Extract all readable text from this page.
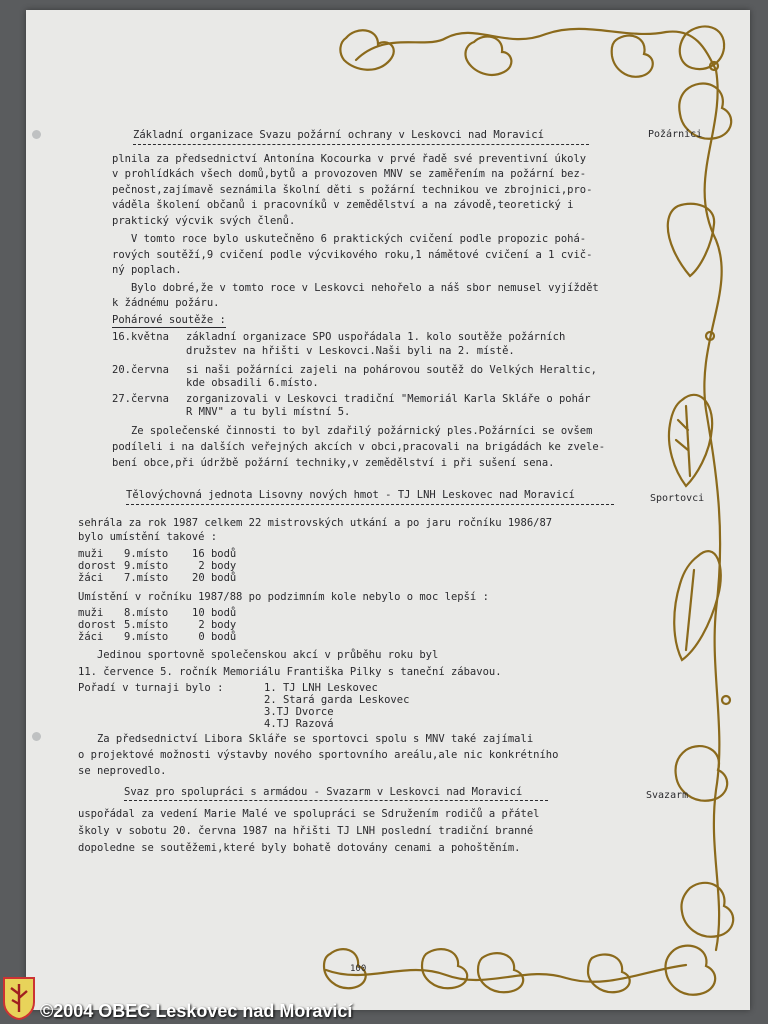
Základní organizace Svazu požární ochrany v Leskovci nad Moravicí	Požárníci
plnila za předsednictví Antonína Kocourka v prvé řadě své preventivní úkoly
v prohlídkách všech domů,bytů a provozoven MNV se zaměřením na požární bez-
pečnost,zajímavě seznámila školní děti s požární technikou ve zbrojnici,pro-
váděla školení občanů i pracovníků v zemědělství a na závodě,teoretický i
praktický výcvik svých členů.
V tomto roce bylo uskutečněno 6 praktických cvičení podle propozic pohá-
rových soutěží,9 cvičení podle výcvikového roku,1 námětové cvičení a 1 cvič-
ný poplach.
Bylo dobré,že v tomto roce v Leskovci nehořelo a náš sbor nemusel vyjíždět
k žádnému požáru.
Pohárové soutěže :
16.května základní organizace SPO uspořádala 1. kolo soutěže požárních
družstev na hřišti v Leskovci.Naši byli na 2. místě.
20.června si naši požárníci zajeli na pohárovou soutěž do Velkých Heraltic,
kde obsadili 6.místo.
27.června zorganizovali v Leskovci tradiční "Memoriál Karla Skláře o pohár
R MNV" a tu byli místní 5.
Ze společenské činnosti to byl zdařilý požárnický ples.Požárníci se ovšem
podíleli i na dalších veřejných akcích v obci,pracovali na brigádách ke zvele-
bení obce,při údržbě požární techniky,v zemědělství i při sušení sena.
Tělovýchovná jednota Lisovny nových hmot - TJ LNH Leskovec nad Moravicí	Sportovci
sehrála za rok 1987 celkem 22 mistrovských utkání a po jaru ročníku 1986/87
bylo umístění takové :
muži 9.místo 16 bodů
dorost 9.místo 2 body
žáci 7.místo 20 bodů
Umístění v ročníku 1987/88 po podzimním kole nebylo o moc lepší :
muži 8.místo 10 bodů
dorost 5.místo 2 body
žáci 9.místo 0 bodů
Jedinou sportovně společenskou akcí v průběhu roku byl
11. července 5. ročník Memoriálu Františka Pilky s taneční zábavou.
Pořadí v turnaji bylo :	1. TJ LNH Leskovec
2. Stará garda Leskovec
3.TJ Dvorce
4.TJ Razová
Za předsednictví Libora Skláře se sportovci spolu s MNV také zajímali
o projektové možnosti výstavby nového sportovního areálu,ale nic konkrétního
se neprovedlo.
Svaz pro spolupráci s armádou - Svazarm v Leskovci nad Moravicí	Svazarm
uspořádal za vedení Marie Malé ve spolupráci se Sdružením rodičů a přátel
školy v sobotu 20. června 1987 na hřišti TJ LNH poslední tradiční branné
dopoledne se soutěžemi,které byly bohatě dotovány cenami a pohoštěním.
100
©2004 OBEC Leskovec nad Moravicí
